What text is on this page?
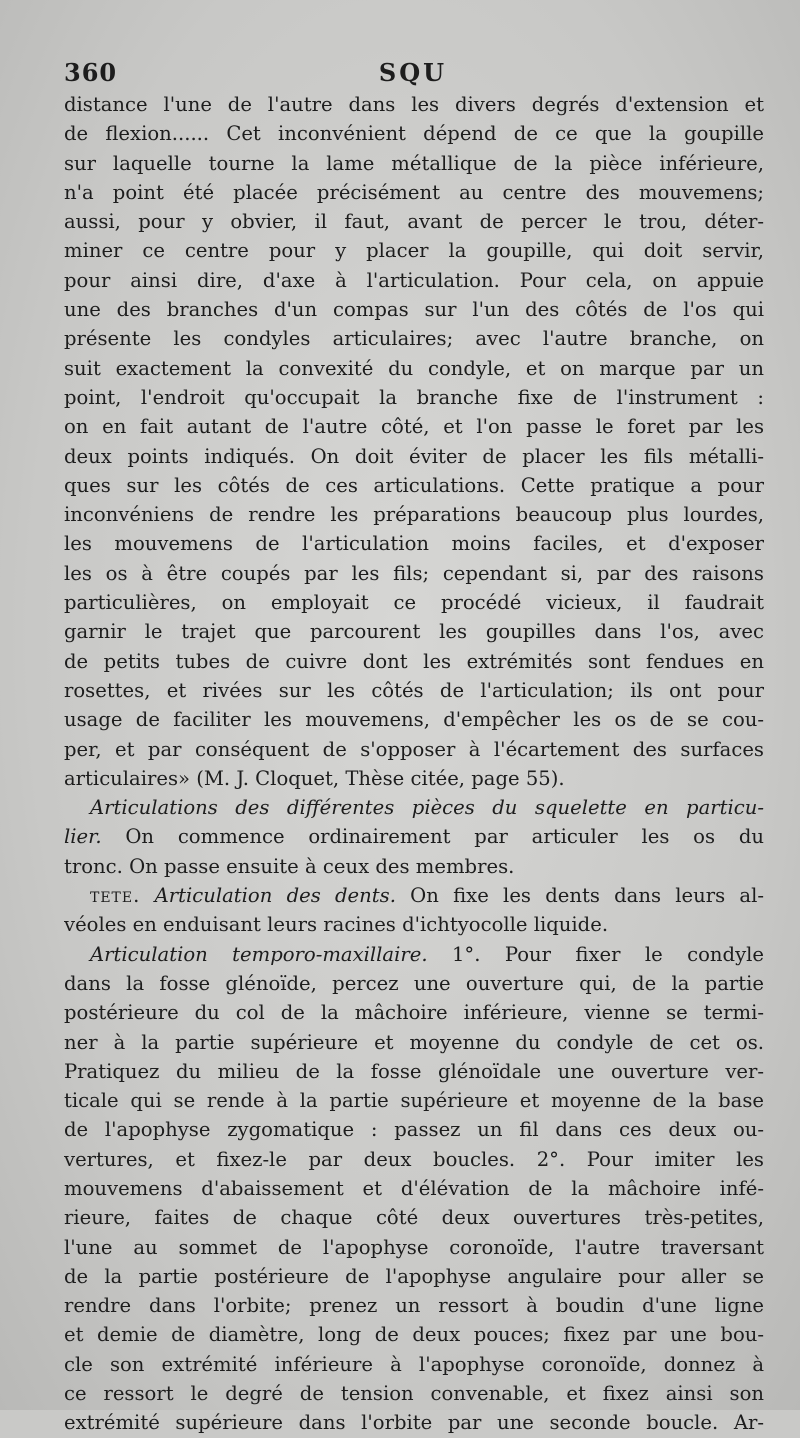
360	SQU
distance l'une de l'autre dans les divers degrés d'extension et
de flexion...... Cet inconvénient dépend de ce que la goupille
sur laquelle tourne la lame métallique de la pièce inférieure,
n'a point été placée précisément au centre des mouvemens;
aussi, pour y obvier, il faut, avant de percer le trou, déter-
miner ce centre pour y placer la goupille, qui doit servir,
pour ainsi dire, d'axe à l'articulation. Pour cela, on appuie
une des branches d'un compas sur l'un des côtés de l'os qui
présente les condyles articulaires; avec l'autre branche, on
suit exactement la convexité du condyle, et on marque par un
point, l'endroit qu'occupait la branche fixe de l'instrument :
on en fait autant de l'autre côté, et l'on passe le foret par les
deux points indiqués. On doit éviter de placer les fils métalli-
ques sur les côtés de ces articulations. Cette pratique a pour
inconvéniens de rendre les préparations beaucoup plus lourdes,
les mouvemens de l'articulation moins faciles, et d'exposer
les os à être coupés par les fils; cependant si, par des raisons
particulières, on employait ce procédé vicieux, il faudrait
garnir le trajet que parcourent les goupilles dans l'os, avec
de petits tubes de cuivre dont les extrémités sont fendues en
rosettes, et rivées sur les côtés de l'articulation; ils ont pour
usage de faciliter les mouvemens, d'empêcher les os de se cou-
per, et par conséquent de s'opposer à l'écartement des surfaces
articulaires» (M. J. Cloquet, Thèse citée, page 55).
Articulations des différentes pièces du squelette en particu-
lier. On commence ordinairement par articuler les os du
tronc. On passe ensuite à ceux des membres.
tete. Articulation des dents. On fixe les dents dans leurs al-
véoles en enduisant leurs racines d'ichtyocolle liquide.
Articulation temporo-maxillaire. 1°. Pour fixer le condyle
dans la fosse glénoïde, percez une ouverture qui, de la partie
postérieure du col de la mâchoire inférieure, vienne se termi-
ner à la partie supérieure et moyenne du condyle de cet os.
Pratiquez du milieu de la fosse glénoïdale une ouverture ver-
ticale qui se rende à la partie supérieure et moyenne de la base
de l'apophyse zygomatique : passez un fil dans ces deux ou-
vertures, et fixez-le par deux boucles. 2°. Pour imiter les
mouvemens d'abaissement et d'élévation de la mâchoire infé-
rieure, faites de chaque côté deux ouvertures très-petites,
l'une au sommet de l'apophyse coronoïde, l'autre traversant
de la partie postérieure de l'apophyse angulaire pour aller se
rendre dans l'orbite; prenez un ressort à boudin d'une ligne
et demie de diamètre, long de deux pouces; fixez par une bou-
cle son extrémité inférieure à l'apophyse coronoïde, donnez à
ce ressort le degré de tension convenable, et fixez ainsi son
extrémité supérieure dans l'orbite par une seconde boucle. Ar-
